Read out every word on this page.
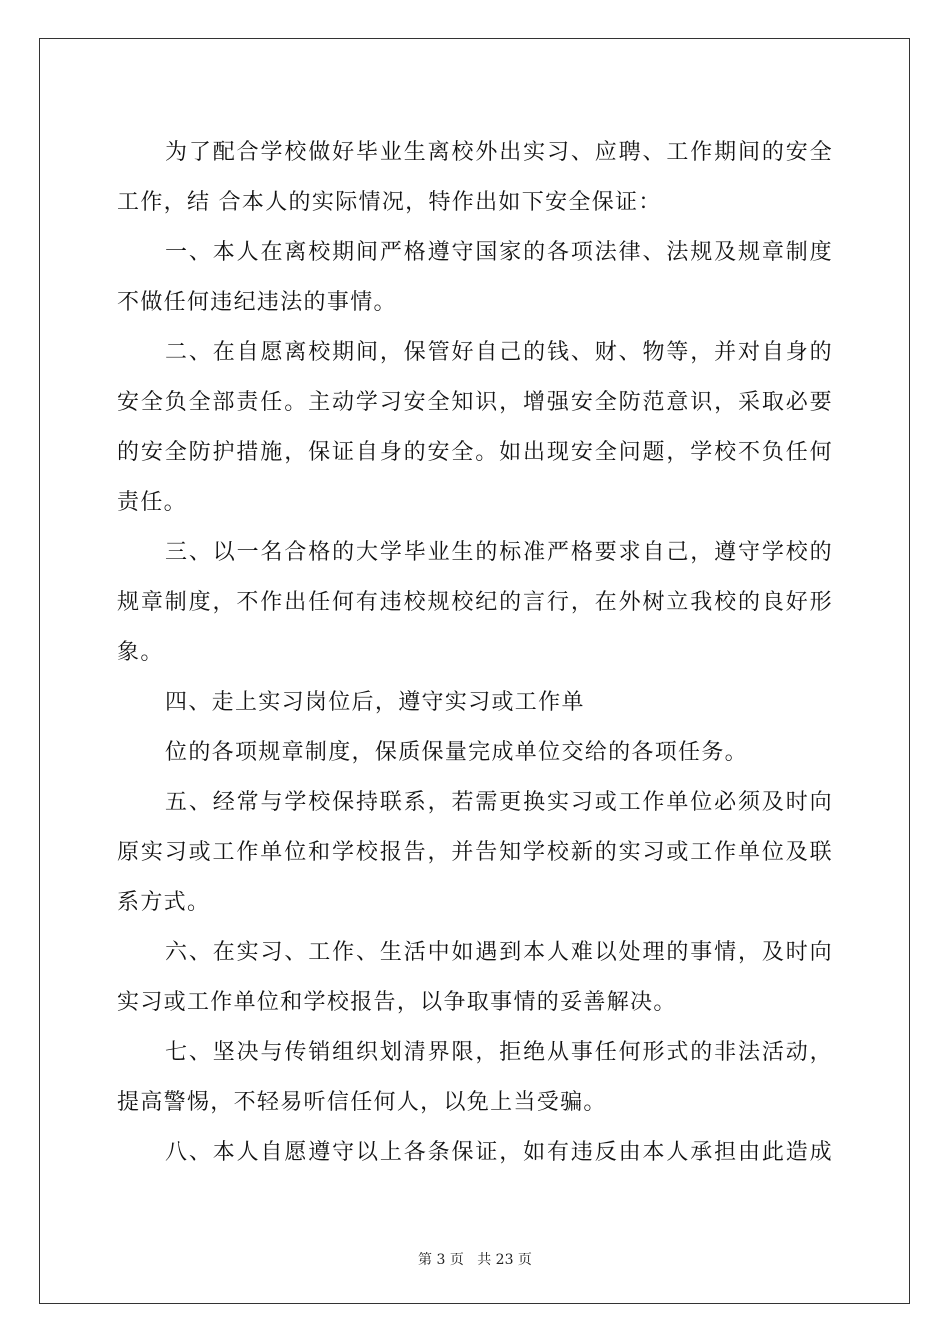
为了配合学校做好毕业生离校外出实习、应聘、工作期间的安全
工作，结 合本人的实际情况，特作出如下安全保证：
一、本人在离校期间严格遵守国家的各项法律、法规及规章制度
不做任何违纪违法的事情。
二、在自愿离校期间，保管好自己的钱、财、物等，并对自身的
安全负全部责任。主动学习安全知识，增强安全防范意识，采取必要
的安全防护措施，保证自身的安全。如出现安全问题，学校不负任何
责任。
三、以一名合格的大学毕业生的标准严格要求自己，遵守学校的
规章制度，不作出任何有违校规校纪的言行，在外树立我校的良好形
象。
四、走上实习岗位后，遵守实习或工作单
位的各项规章制度，保质保量完成单位交给的各项任务。
五、经常与学校保持联系，若需更换实习或工作单位必须及时向
原实习或工作单位和学校报告，并告知学校新的实习或工作单位及联
系方式。
六、在实习、工作、生活中如遇到本人难以处理的事情，及时向
实习或工作单位和学校报告，以争取事情的妥善解决。
七、坚决与传销组织划清界限，拒绝从事任何形式的非法活动，
提高警惕，不轻易听信任何人，以免上当受骗。
八、本人自愿遵守以上各条保证，如有违反由本人承担由此造成
第 3 页 共 23 页
